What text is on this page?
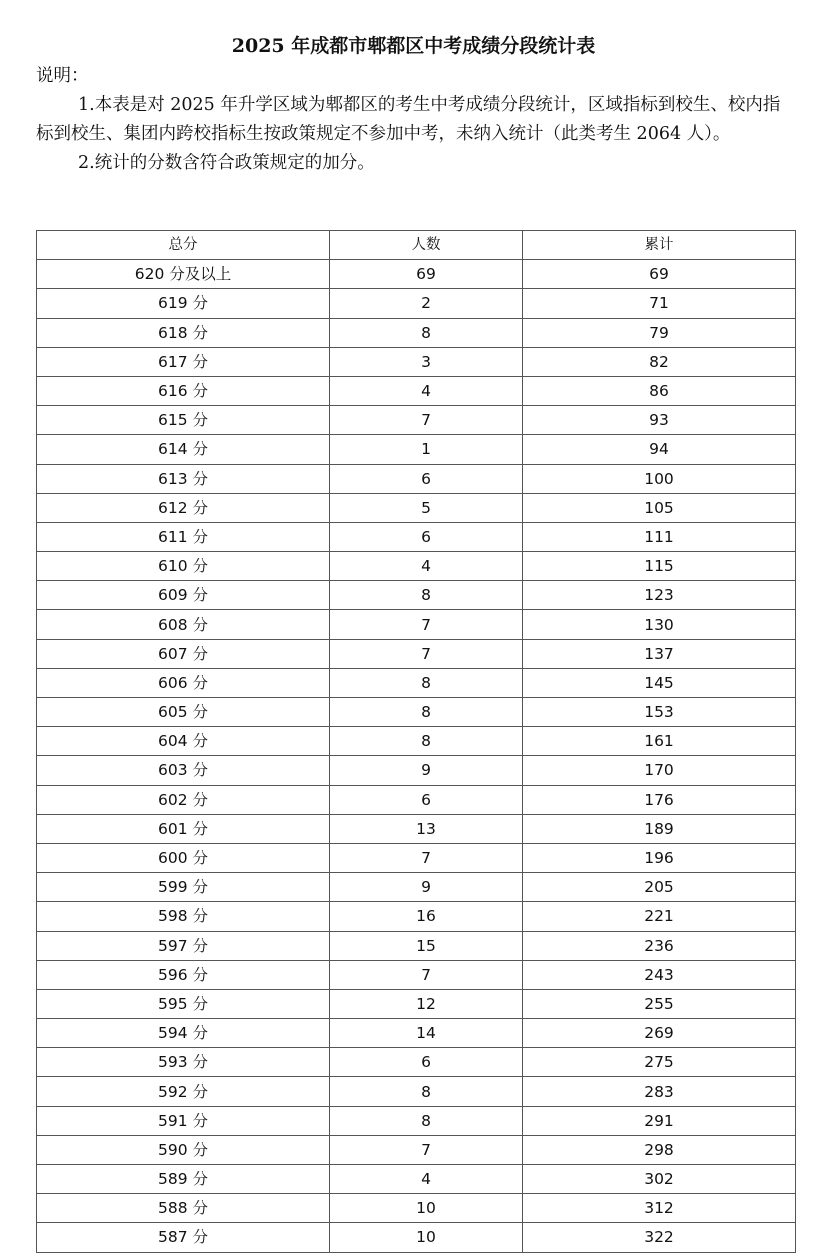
2025 年成都市郫都区中考成绩分段统计表

说明：

1.本表是对 2025 年升学区域为郫都区的考生中考成绩分段统计，区域指标到校生、校内指标到校生、集团内跨校指标生按政策规定不参加中考，未纳入统计（此类考生 2064 人）。

2.统计的分数含符合政策规定的加分。

总分	人数	累计
620 分及以上	69	69
619 分	2	71
618 分	8	79
617 分	3	82
616 分	4	86
615 分	7	93
614 分	1	94
613 分	6	100
612 分	5	105
611 分	6	111
610 分	4	115
609 分	8	123
608 分	7	130
607 分	7	137
606 分	8	145
605 分	8	153
604 分	8	161
603 分	9	170
602 分	6	176
601 分	13	189
600 分	7	196
599 分	9	205
598 分	16	221
597 分	15	236
596 分	7	243
595 分	12	255
594 分	14	269
593 分	6	275
592 分	8	283
591 分	8	291
590 分	7	298
589 分	4	302
588 分	10	312
587 分	10	322
